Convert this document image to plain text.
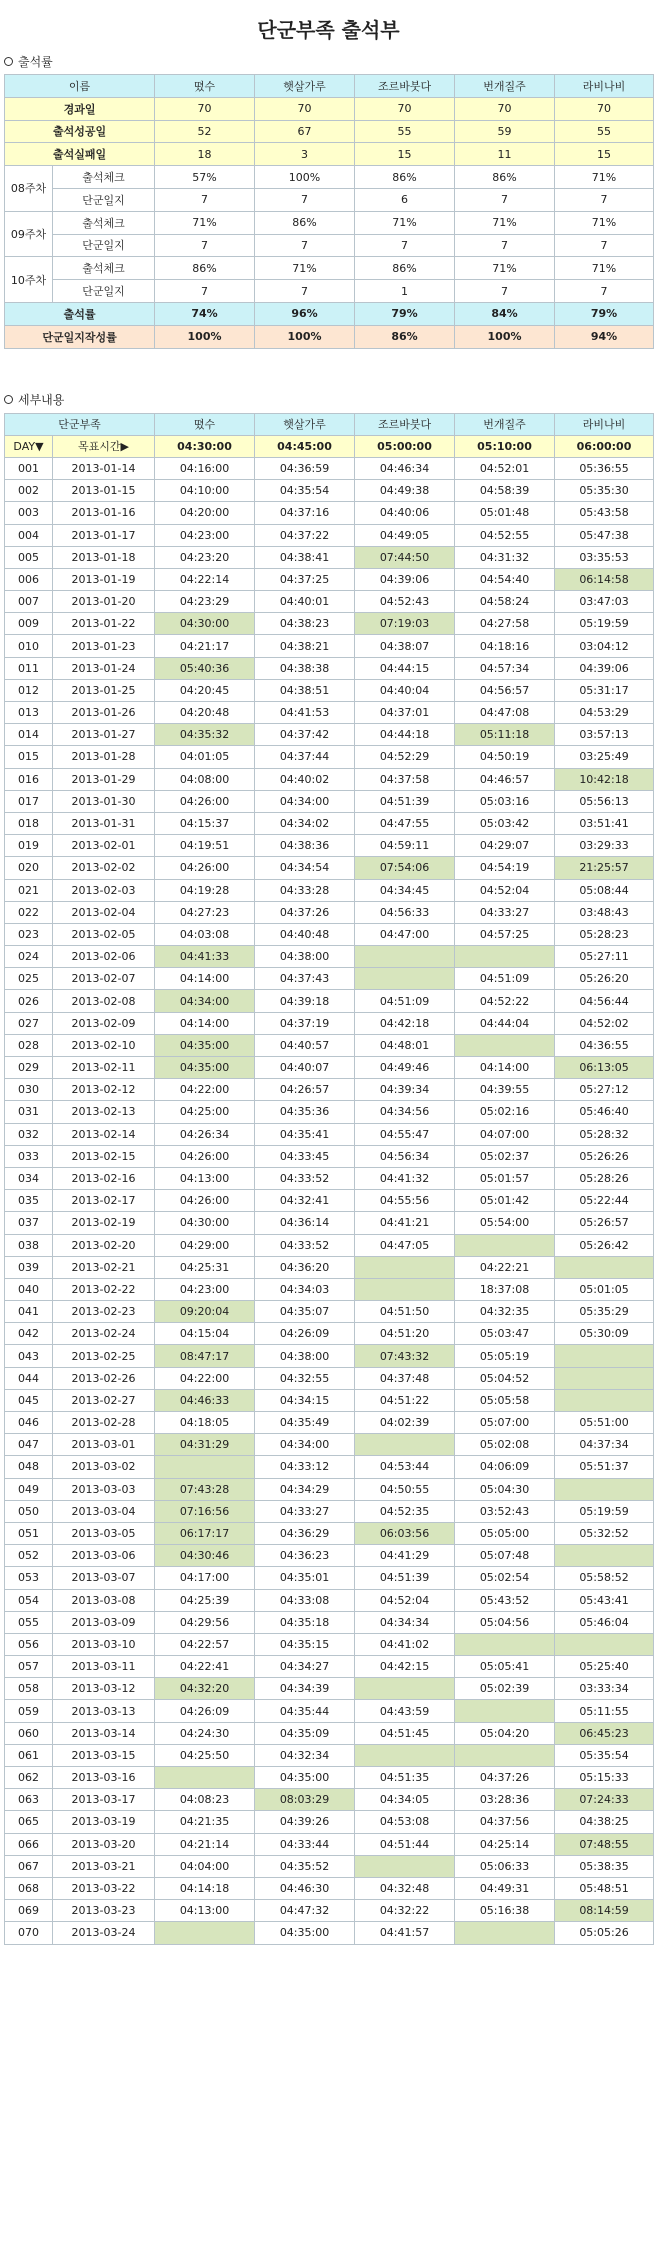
단군부족 출석부
출석률
이름		뗬수	햇살가루	조르바붓다	번개질주	라비나비
경과일		70	70	70	70	70
출석성공일		52	67	55	59	55
출석실패일		18	3	15	11	15
08주차	출석체크	57%	100%	86%	86%	71%
	단군일지	7	7	6	7	7
09주차	출석체크	71%	86%	71%	71%	71%
	단군일지	7	7	7	7	7
10주차	출석체크	86%	71%	86%	71%	71%
	단군일지	7	7	1	7	7
출석률		74%	96%	79%	84%	79%
단군일지작성률		100%	100%	86%	100%	94%
세부내용
단군부족		뗬수	햇살가루	조르바붓다	번개질주	라비나비
DAY▼	목표시간▶	04:30:00	04:45:00	05:00:00	05:10:00	06:00:00
001	2013-01-14	04:16:00	04:36:59	04:46:34	04:52:01	05:36:55
002	2013-01-15	04:10:00	04:35:54	04:49:38	04:58:39	05:35:30
003	2013-01-16	04:20:00	04:37:16	04:40:06	05:01:48	05:43:58
004	2013-01-17	04:23:00	04:37:22	04:49:05	04:52:55	05:47:38
005	2013-01-18	04:23:20	04:38:41	07:44:50	04:31:32	03:35:53
006	2013-01-19	04:22:14	04:37:25	04:39:06	04:54:40	06:14:58
007	2013-01-20	04:23:29	04:40:01	04:52:43	04:58:24	03:47:03
009	2013-01-22	04:30:00	04:38:23	07:19:03	04:27:58	05:19:59
010	2013-01-23	04:21:17	04:38:21	04:38:07	04:18:16	03:04:12
011	2013-01-24	05:40:36	04:38:38	04:44:15	04:57:34	04:39:06
012	2013-01-25	04:20:45	04:38:51	04:40:04	04:56:57	05:31:17
013	2013-01-26	04:20:48	04:41:53	04:37:01	04:47:08	04:53:29
014	2013-01-27	04:35:32	04:37:42	04:44:18	05:11:18	03:57:13
015	2013-01-28	04:01:05	04:37:44	04:52:29	04:50:19	03:25:49
016	2013-01-29	04:08:00	04:40:02	04:37:58	04:46:57	10:42:18
017	2013-01-30	04:26:00	04:34:00	04:51:39	05:03:16	05:56:13
018	2013-01-31	04:15:37	04:34:02	04:47:55	05:03:42	03:51:41
019	2013-02-01	04:19:51	04:38:36	04:59:11	04:29:07	03:29:33
020	2013-02-02	04:26:00	04:34:54	07:54:06	04:54:19	21:25:57
021	2013-02-03	04:19:28	04:33:28	04:34:45	04:52:04	05:08:44
022	2013-02-04	04:27:23	04:37:26	04:56:33	04:33:27	03:48:43
023	2013-02-05	04:03:08	04:40:48	04:47:00	04:57:25	05:28:23
024	2013-02-06	04:41:33	04:38:00			05:27:11
025	2013-02-07	04:14:00	04:37:43		04:51:09	05:26:20
026	2013-02-08	04:34:00	04:39:18	04:51:09	04:52:22	04:56:44
027	2013-02-09	04:14:00	04:37:19	04:42:18	04:44:04	04:52:02
028	2013-02-10	04:35:00	04:40:57	04:48:01		04:36:55
029	2013-02-11	04:35:00	04:40:07	04:49:46	04:14:00	06:13:05
030	2013-02-12	04:22:00	04:26:57	04:39:34	04:39:55	05:27:12
031	2013-02-13	04:25:00	04:35:36	04:34:56	05:02:16	05:46:40
032	2013-02-14	04:26:34	04:35:41	04:55:47	04:07:00	05:28:32
033	2013-02-15	04:26:00	04:33:45	04:56:34	05:02:37	05:26:26
034	2013-02-16	04:13:00	04:33:52	04:41:32	05:01:57	05:28:26
035	2013-02-17	04:26:00	04:32:41	04:55:56	05:01:42	05:22:44
037	2013-02-19	04:30:00	04:36:14	04:41:21	05:54:00	05:26:57
038	2013-02-20	04:29:00	04:33:52	04:47:05		05:26:42
039	2013-02-21	04:25:31	04:36:20		04:22:21	
040	2013-02-22	04:23:00	04:34:03		18:37:08	05:01:05
041	2013-02-23	09:20:04	04:35:07	04:51:50	04:32:35	05:35:29
042	2013-02-24	04:15:04	04:26:09	04:51:20	05:03:47	05:30:09
043	2013-02-25	08:47:17	04:38:00	07:43:32	05:05:19	
044	2013-02-26	04:22:00	04:32:55	04:37:48	05:04:52	
045	2013-02-27	04:46:33	04:34:15	04:51:22	05:05:58	
046	2013-02-28	04:18:05	04:35:49	04:02:39	05:07:00	05:51:00
047	2013-03-01	04:31:29	04:34:00		05:02:08	04:37:34
048	2013-03-02		04:33:12	04:53:44	04:06:09	05:51:37
049	2013-03-03	07:43:28	04:34:29	04:50:55	05:04:30	
050	2013-03-04	07:16:56	04:33:27	04:52:35	03:52:43	05:19:59
051	2013-03-05	06:17:17	04:36:29	06:03:56	05:05:00	05:32:52
052	2013-03-06	04:30:46	04:36:23	04:41:29	05:07:48	
053	2013-03-07	04:17:00	04:35:01	04:51:39	05:02:54	05:58:52
054	2013-03-08	04:25:39	04:33:08	04:52:04	05:43:52	05:43:41
055	2013-03-09	04:29:56	04:35:18	04:34:34	05:04:56	05:46:04
056	2013-03-10	04:22:57	04:35:15	04:41:02		
057	2013-03-11	04:22:41	04:34:27	04:42:15	05:05:41	05:25:40
058	2013-03-12	04:32:20	04:34:39		05:02:39	03:33:34
059	2013-03-13	04:26:09	04:35:44	04:43:59		05:11:55
060	2013-03-14	04:24:30	04:35:09	04:51:45	05:04:20	06:45:23
061	2013-03-15	04:25:50	04:32:34			05:35:54
062	2013-03-16		04:35:00	04:51:35	04:37:26	05:15:33
063	2013-03-17	04:08:23	08:03:29	04:34:05	03:28:36	07:24:33
065	2013-03-19	04:21:35	04:39:26	04:53:08	04:37:56	04:38:25
066	2013-03-20	04:21:14	04:33:44	04:51:44	04:25:14	07:48:55
067	2013-03-21	04:04:00	04:35:52		05:06:33	05:38:35
068	2013-03-22	04:14:18	04:46:30	04:32:48	04:49:31	05:48:51
069	2013-03-23	04:13:00	04:47:32	04:32:22	05:16:38	08:14:59
070	2013-03-24		04:35:00	04:41:57		05:05:26
